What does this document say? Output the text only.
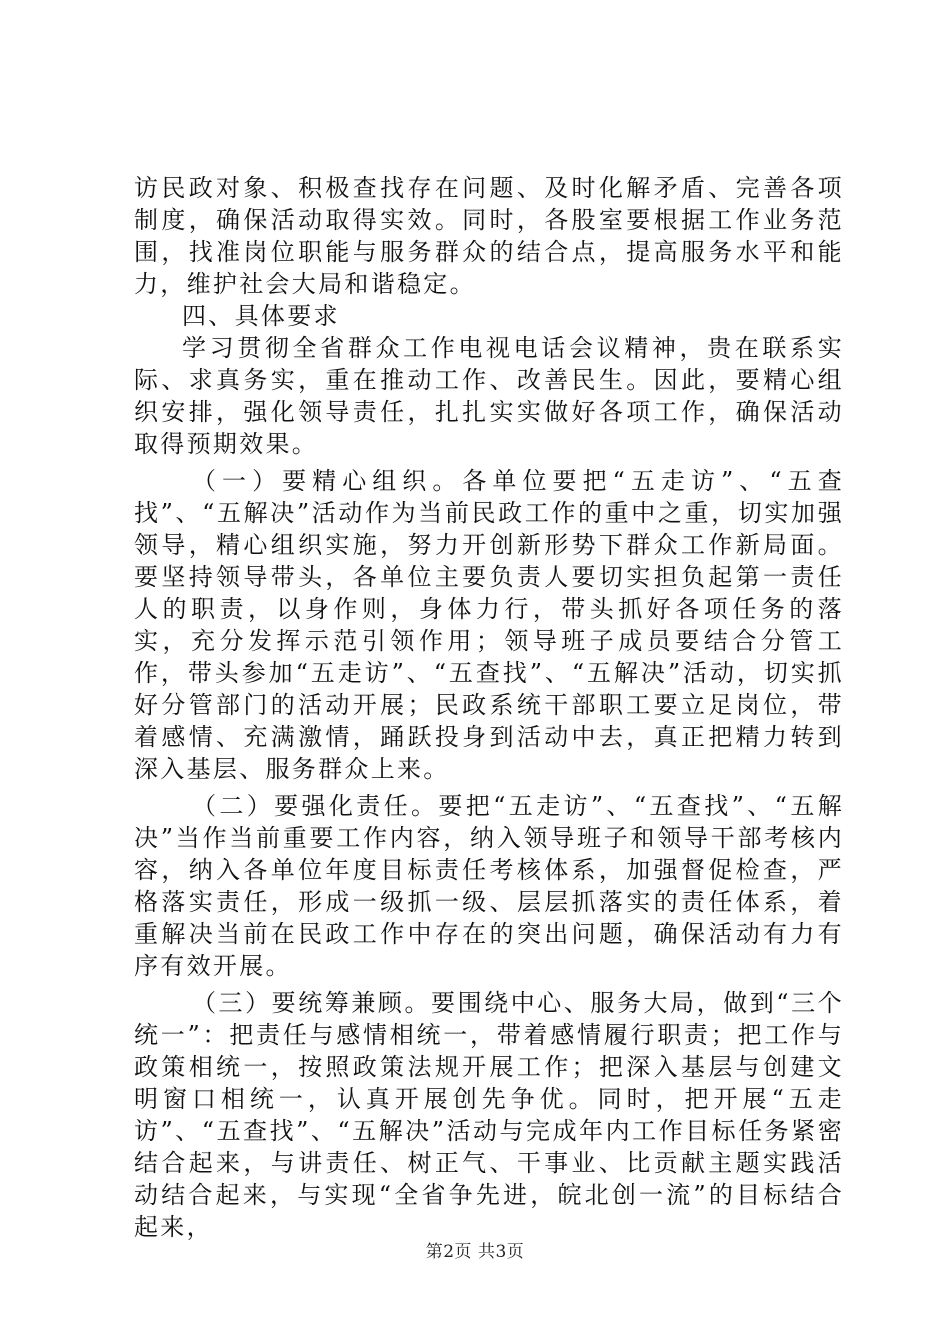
访民政对象、积极查找存在问题、及时化解矛盾、完善各项制度，确保活动取得实效。同时，各股室要根据工作业务范围，找准岗位职能与服务群众的结合点，提高服务水平和能力，维护社会大局和谐稳定。

四、具体要求

学习贯彻全省群众工作电视电话会议精神，贵在联系实际、求真务实，重在推动工作、改善民生。因此，要精心组织安排，强化领导责任，扎扎实实做好各项工作，确保活动取得预期效果。

（一）要精心组织。各单位要把“五走访”、“五查找”、“五解决”活动作为当前民政工作的重中之重，切实加强领导，精心组织实施，努力开创新形势下群众工作新局面。要坚持领导带头，各单位主要负责人要切实担负起第一责任人的职责，以身作则，身体力行，带头抓好各项任务的落实，充分发挥示范引领作用；领导班子成员要结合分管工作，带头参加“五走访”、“五查找”、“五解决”活动，切实抓好分管部门的活动开展；民政系统干部职工要立足岗位，带着感情、充满激情，踊跃投身到活动中去，真正把精力转到深入基层、服务群众上来。

（二）要强化责任。要把“五走访”、“五查找”、“五解决”当作当前重要工作内容，纳入领导班子和领导干部考核内容，纳入各单位年度目标责任考核体系，加强督促检查，严格落实责任，形成一级抓一级、层层抓落实的责任体系，着重解决当前在民政工作中存在的突出问题，确保活动有力有序有效开展。

（三）要统筹兼顾。要围绕中心、服务大局，做到“三个统一”：把责任与感情相统一，带着感情履行职责；把工作与政策相统一，按照政策法规开展工作；把深入基层与创建文明窗口相统一，认真开展创先争优。同时，把开展“五走访”、“五查找”、“五解决”活动与完成年内工作目标任务紧密结合起来，与讲责任、树正气、干事业、比贡献主题实践活动结合起来，与实现“全省争先进，皖北创一流”的目标结合起来，

第2页 共3页
